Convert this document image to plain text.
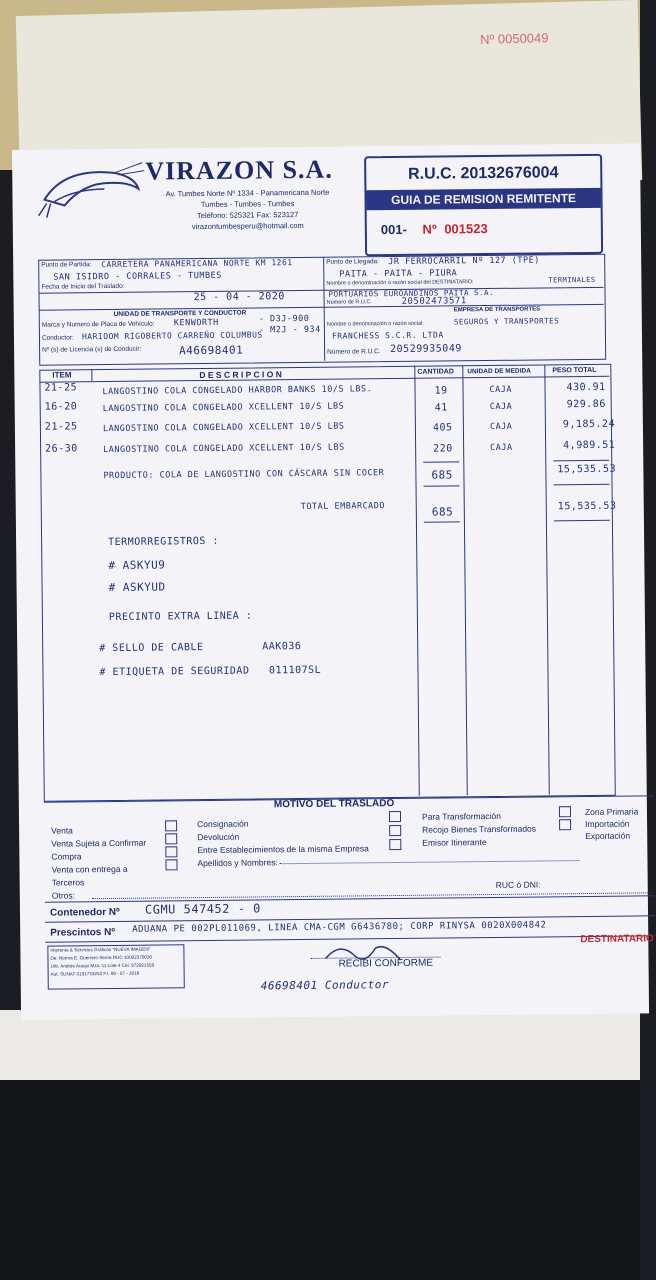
Nº 0050049
VIRAZON S.A.
Av. Tumbes Norte Nº 1334 - Panamericana Norte
Tumbes - Tumbes - Tumbes
Teléfono: 525321 Fax: 523127
virazontumbesperu@hotmail.com
R.U.C. 20132676004
GUIA DE REMISION REMITENTE
001- Nº 001523
Punto de Partida: CARRETERA PANAMERICANA NORTE KM 1261
SAN ISIDRO - CORRALES - TUMBES
Fecha de Inicio del Traslado:
25 - 04 - 2020
Punto de Llegada: JR FERROCARRIL Nº 127 (TPE)
PAITA - PAITA - PIURA
Nombre o denominación o razón social del DESTINATARIO:	TERMINALES
PORTUARIOS EUROANDINOS PAITA S.A.
Número de R.U.C.	20502473571
UNIDAD DE TRANSPORTE Y CONDUCTOR	EMPRESA DE TRANSPORTES
Marca y Numero de Placa de Vehículo: KENWORTH	- D3J-900
- M2J - 934
Conductor: HARIOOM RIGOBERTO CARREÑO COLUMBUS
Nº (s) de Licencia (s) de Conducir:	A46698401
Nombre o denominación o razón social:	SEGUROS Y TRANSPORTES
FRANCHESS S.C.R. LTDA
Número de R.U.C. 20529935049
ITEM	D E S C R I P C I O N	CANTIDAD UNIDAD DE MEDIDA	PESO TOTAL
21-25	LANGOSTINO COLA CONGELADO HARBOR BANKS 10/S LBS.	19	CAJA	430.91
16-20	LANGOSTINO COLA CONGELADO XCELLENT 10/S LBS	41	CAJA	929.86
21-25	LANGOSTINO COLA CONGELADO XCELLENT 10/S LBS	405	CAJA	9,185.24
26-30	LANGOSTINO COLA CONGELADO XCELLENT 10/S LBS	220	CAJA	4,989.51
PRODUCTO: COLA DE LANGOSTINO CON CÁSCARA SIN COCER	685	15,535.53
TOTAL EMBARCADO	685	15,535.53
TERMORREGISTROS :
# ASKYU9
# ASKYUD
PRECINTO EXTRA LINEA :
# SELLO DE CABLE         AAK036
# ETIQUETA DE SEGURIDAD   011107SL
MOTIVO DEL TRASLADO
Venta
Venta Sujeta a Confirmar
Compra
Venta con entrega a
Terceros
Otros:
Consignación
Devolución
Entre Establecimientos de la misma Empresa
Apellidos y Nombres:
Para Transformación
Recojo Bienes Transformados
Emisor Itinerante
Zona Primaria
Importación
Exportación
RUC ó DNI:
Contenedor Nº CGMU 547452 - 0
Prescintos Nº ADUANA PE 002PL011069, LINEA CMA-CGM G6436780; CORP RINYSA 0020X004842
Imprenta & Servicios Gráficos "NUEVA IMAGEN"
De: Norma E. Guerrero Serna RUC 10002370030
Urb. Andrés Araujo Mza. 11 Lote 4 Cel. 972921559
Aut. SUNAT 0191733253 F.I. 09 - 07 - 2018
RECIBI CONFORME
DESTINATARIO
46698401 Conductor
